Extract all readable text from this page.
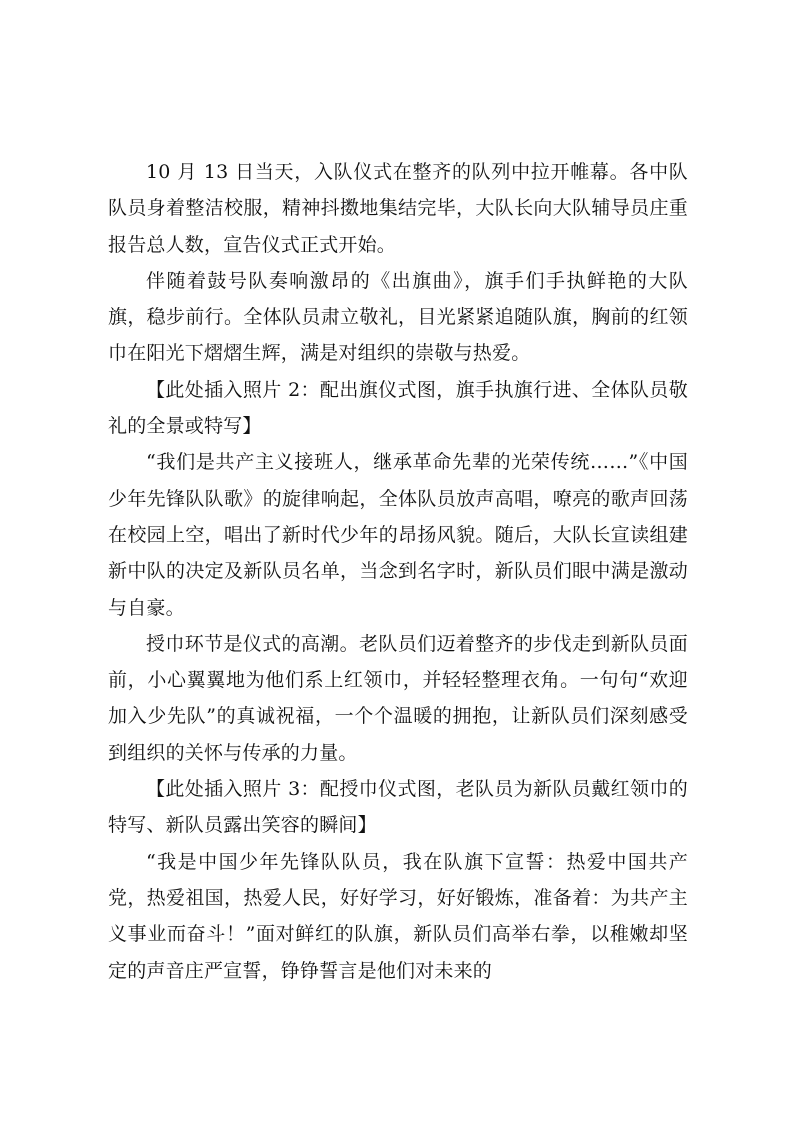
10 月 13 日当天，入队仪式在整齐的队列中拉开帷幕。各中队队员身着整洁校服，精神抖擞地集结完毕，大队长向大队辅导员庄重报告总人数，宣告仪式正式开始。

伴随着鼓号队奏响激昂的《出旗曲》，旗手们手执鲜艳的大队旗，稳步前行。全体队员肃立敬礼，目光紧紧追随队旗，胸前的红领巾在阳光下熠熠生辉，满是对组织的崇敬与热爱。

【此处插入照片 2：配出旗仪式图，旗手执旗行进、全体队员敬礼的全景或特写】

“我们是共产主义接班人，继承革命先辈的光荣传统……”《中国少年先锋队队歌》的旋律响起，全体队员放声高唱，嘹亮的歌声回荡在校园上空，唱出了新时代少年的昂扬风貌。随后，大队长宣读组建新中队的决定及新队员名单，当念到名字时，新队员们眼中满是激动与自豪。

授巾环节是仪式的高潮。老队员们迈着整齐的步伐走到新队员面前，小心翼翼地为他们系上红领巾，并轻轻整理衣角。一句句“欢迎加入少先队”的真诚祝福，一个个温暖的拥抱，让新队员们深刻感受到组织的关怀与传承的力量。

【此处插入照片 3：配授巾仪式图，老队员为新队员戴红领巾的特写、新队员露出笑容的瞬间】

“我是中国少年先锋队队员，我在队旗下宣誓：热爱中国共产党，热爱祖国，热爱人民，好好学习，好好锻炼，准备着：为共产主义事业而奋斗！”面对鲜红的队旗，新队员们高举右拳，以稚嫩却坚定的声音庄严宣誓，铮铮誓言是他们对未来的
